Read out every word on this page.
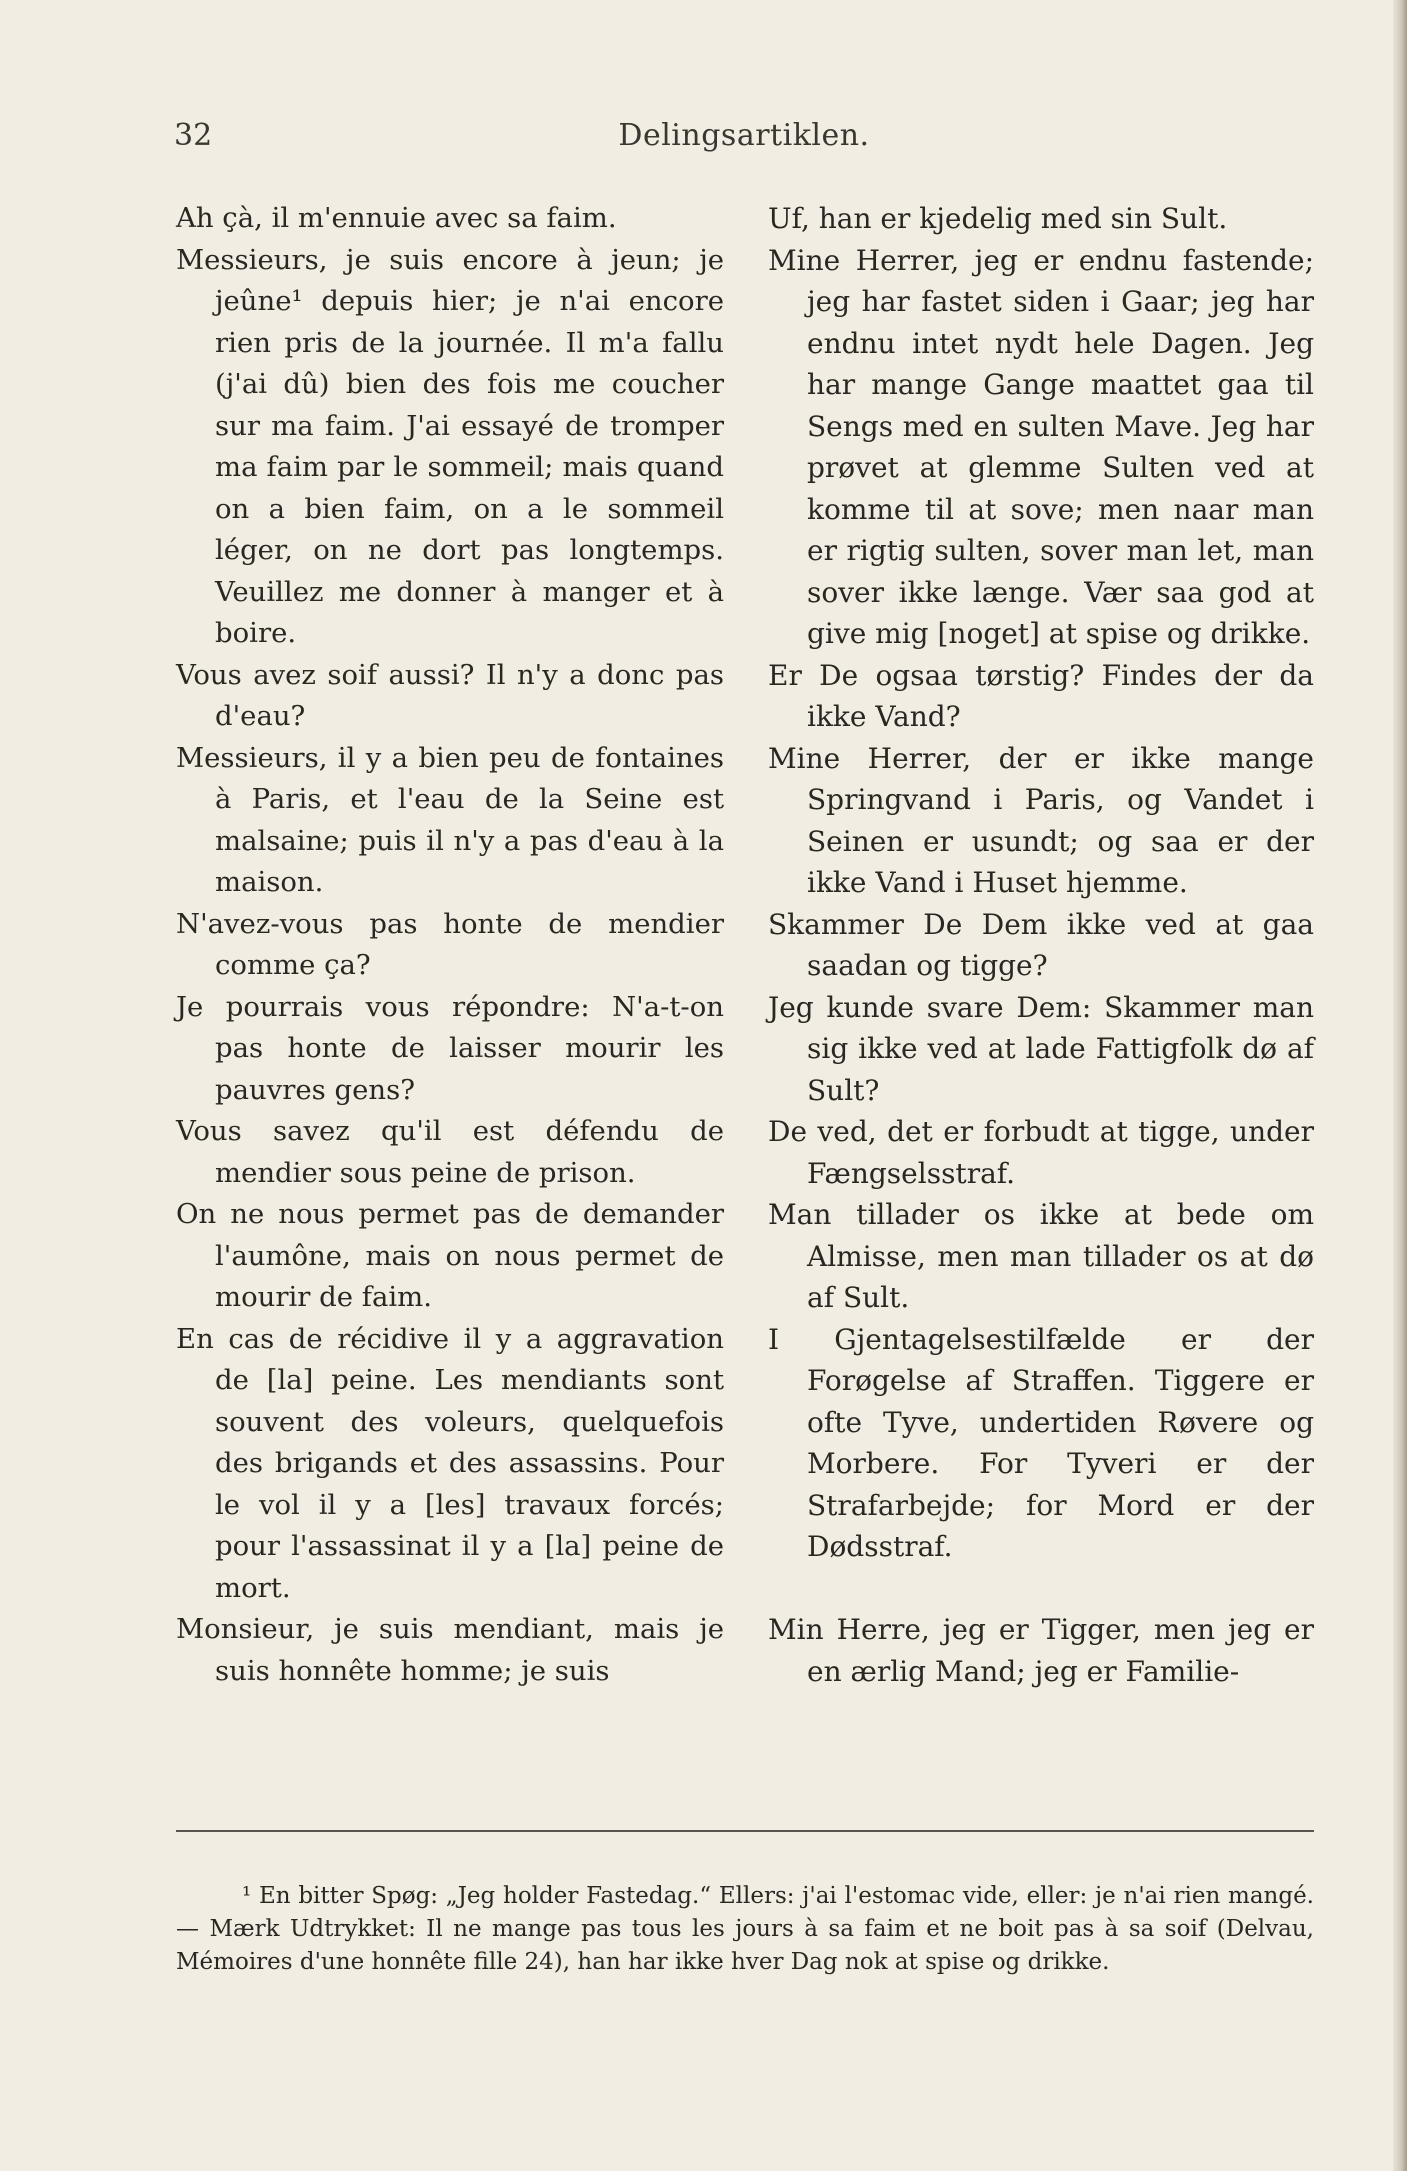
32	Delingsartiklen.

Ah çà, il m'ennuie avec sa faim.

Messieurs, je suis encore à jeun; je jeûne¹ depuis hier; je n'ai encore rien pris de la journée. Il m'a fallu (j'ai dû) bien des fois me coucher sur ma faim. J'ai essayé de tromper ma faim par le sommeil; mais quand on a bien faim, on a le sommeil léger, on ne dort pas longtemps. Veuillez me donner à manger et à boire.

Vous avez soif aussi? Il n'y a donc pas d'eau?

Messieurs, il y a bien peu de fontaines à Paris, et l'eau de la Seine est malsaine; puis il n'y a pas d'eau à la maison.

N'avez-vous pas honte de mendier comme ça?

Je pourrais vous répondre: N'a-t-on pas honte de laisser mourir les pauvres gens?

Vous savez qu'il est défendu de mendier sous peine de prison.

On ne nous permet pas de demander l'aumône, mais on nous permet de mourir de faim.

En cas de récidive il y a aggravation de [la] peine. Les mendiants sont souvent des voleurs, quelquefois des brigands et des assassins. Pour le vol il y a [les] travaux forcés; pour l'assassinat il y a [la] peine de mort.

Monsieur, je suis mendiant, mais je suis honnête homme; je suis

Uf, han er kjedelig med sin Sult.

Mine Herrer, jeg er endnu fastende; jeg har fastet siden i Gaar; jeg har endnu intet nydt hele Dagen. Jeg har mange Gange maattet gaa til Sengs med en sulten Mave. Jeg har prøvet at glemme Sulten ved at komme til at sove; men naar man er rigtig sulten, sover man let, man sover ikke længe. Vær saa god at give mig [noget] at spise og drikke.

Er De ogsaa tørstig? Findes der da ikke Vand?

Mine Herrer, der er ikke mange Springvand i Paris, og Vandet i Seinen er usundt; og saa er der ikke Vand i Huset hjemme.

Skammer De Dem ikke ved at gaa saadan og tigge?

Jeg kunde svare Dem: Skammer man sig ikke ved at lade Fattigfolk dø af Sult?

De ved, det er forbudt at tigge, under Fængselsstraf.

Man tillader os ikke at bede om Almisse, men man tillader os at dø af Sult.

I Gjentagelsestilfælde er der Forøgelse af Straffen. Tiggere er ofte Tyve, undertiden Røvere og Morbere. For Tyveri er der Strafarbejde; for Mord er der Dødsstraf.

Min Herre, jeg er Tigger, men jeg er en ærlig Mand; jeg er Familie-

¹ En bitter Spøg: „Jeg holder Fastedag.“ Ellers: j'ai l'estomac vide, eller: je n'ai rien mangé. — Mærk Udtrykket: Il ne mange pas tous les jours à sa faim et ne boit pas à sa soif (Delvau, Mémoires d'une honnête fille 24), han har ikke hver Dag nok at spise og drikke.
